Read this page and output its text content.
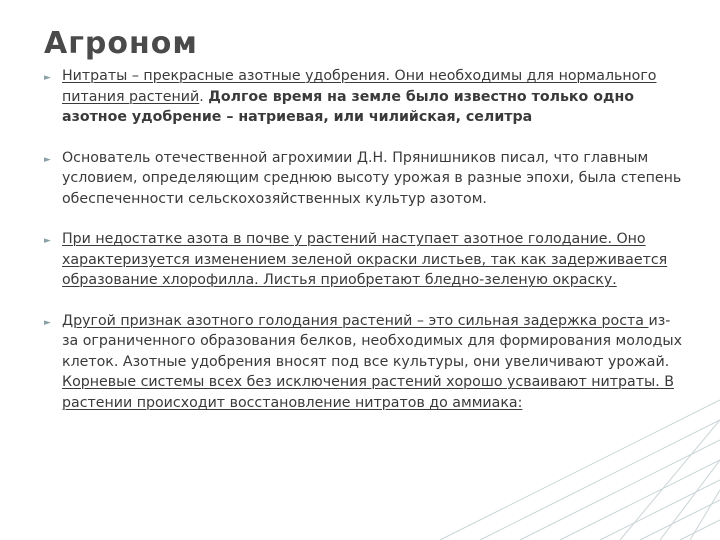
Агроном

► Нитраты – прекрасные азотные удобрения. Они необходимы для нормального питания растений. Долгое время на земле было известно только одно азотное удобрение – натриевая, или чилийская, селитра

► Основатель отечественной агрохимии Д.Н. Прянишников писал, что главным условием, определяющим среднюю высоту урожая в разные эпохи, была степень обеспеченности сельскохозяйственных культур азотом.

► При недостатке азота в почве у растений наступает азотное голодание. Оно характеризуется изменением зеленой окраски листьев, так как задерживается образование хлорофилла. Листья приобретают бледно-зеленую окраску.

► Другой признак азотного голодания растений – это сильная задержка роста из-за ограниченного образования белков, необходимых для формирования молодых клеток. Азотные удобрения вносят под все культуры, они увеличивают урожай. Корневые системы всех без исключения растений хорошо усваивают нитраты. В растении происходит восстановление нитратов до аммиака:
